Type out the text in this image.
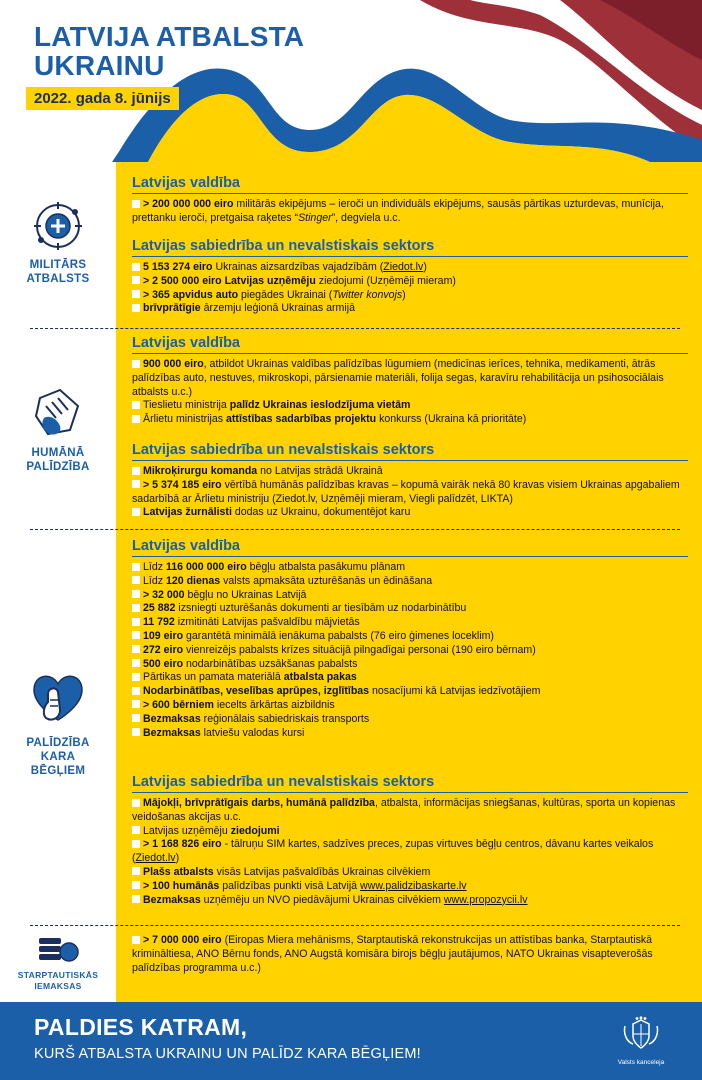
LATVIJA ATBALSTA
UKRAINU
2022. gada 8. jūnijs
MILITĀRS
ATBALSTS
HUMĀNĀ
PALĪDZĪBA
PALĪDZĪBA
KARA
BĒGĻIEM
STARPTAUTISKĀS
IEMAKSAS
Latvijas valdība
> 200 000 000 eiro militārās ekipējums – ieroči un individuāls ekipējums, sausās pārtikas uzturdevas, munīcija, prettanku ieroči, pretgaisa raķetes “Stinger”, degviela u.c.
Latvijas sabiedrība un nevalstiskais sektors
5 153 274 eiro Ukrainas aizsardzības vajadzībām (Ziedot.lv)
> 2 500 000 eiro Latvijas uzņēmēju ziedojumi (Uzņēmēji mieram)
> 365 apvidus auto piegādes Ukrainai (Twitter konvojs)
brīvprātīgie ārzemju leģionā Ukrainas armijā
Latvijas valdība
900 000 eiro, atbildot Ukrainas valdības palīdzības lūgumiem (medicīnas ierīces, tehnika, medikamenti, ātrās palīdzības auto, nestuves, mikroskopi, pārsienamie materiāli, folija segas, karavīru rehabilitācija un psihosociālais atbalsts u.c.)
Tieslietu ministrija palīdz Ukrainas ieslodzījuma vietām
Ārlietu ministrijas attīstības sadarbības projektu konkurss (Ukraina kā prioritāte)
Latvijas sabiedrība un nevalstiskais sektors
Mikroķirurgu komanda no Latvijas strādā Ukrainā
> 5 374 185 eiro vērtībā humānās palīdzības kravas – kopumā vairāk nekā 80 kravas visiem Ukrainas apgabaliem sadarbībā ar Ārlietu ministriju (Ziedot.lv, Uzņēmēji mieram, Viegli palīdzēt, LIKTA)
Latvijas žurnālisti dodas uz Ukrainu, dokumentējot karu
Latvijas valdība
Līdz 116 000 000 eiro bēgļu atbalsta pasākumu plānam
Līdz 120 dienas valsts apmaksāta uzturēšanās un ēdināšana
> 32 000 bēgļu no Ukrainas Latvijā
25 882 izsniegti uzturēšanās dokumenti ar tiesībām uz nodarbinātību
11 792 izmitināti Latvijas pašvaldību mājvietās
109 eiro garantētā minimālā ienākuma pabalsts (76 eiro ģimenes loceklim)
272 eiro vienreizējs pabalsts krīzes situācijā pilngadīgai personai (190 eiro bērnam)
500 eiro nodarbinātības uzsākšanas pabalsts
Pārtikas un pamata materiālā atbalsta pakas
Nodarbinātības, veselības aprūpes, izglītības nosacījumi kā Latvijas iedzīvotājiem
> 600 bērniem iecelts ārkārtas aizbildnis
Bezmaksas reģionālais sabiedriskais transports
Bezmaksas latviešu valodas kursi
Latvijas sabiedrība un nevalstiskais sektors
Mājokļi, brīvprātīgais darbs, humānā palīdzība, atbalsta, informācijas sniegšanas, kultūras, sporta un kopienas veidošanas akcijas u.c.
Latvijas uzņēmēju ziedojumi
> 1 168 826 eiro - tālruņu SIM kartes, sadzīves preces, zupas virtuves bēgļu centros, dāvanu kartes veikalos (Ziedot.lv)
Plašs atbalsts visās Latvijas pašvaldībās Ukrainas cilvēkiem
> 100 humānās palīdzības punkti visā Latvijā www.palidzibaskarte.lv
Bezmaksas uzņēmēju un NVO piedāvājumi Ukrainas cilvēkiem www.propozycii.lv
> 7 000 000 eiro (Eiropas Miera mehānisms, Starptautiskā rekonstrukcijas un attīstības banka, Starptautiskā krimināltiesa, ANO Bērnu fonds, ANO Augstā komisāra birojs bēgļu jautājumos, NATO Ukrainas visapteverošās palīdzības programma u.c.)
PALDIES KATRAM,
KURŠ ATBALSTA UKRAINU UN PALĪDZ KARA BĒGĻIEM!
Valsts kanceleja
